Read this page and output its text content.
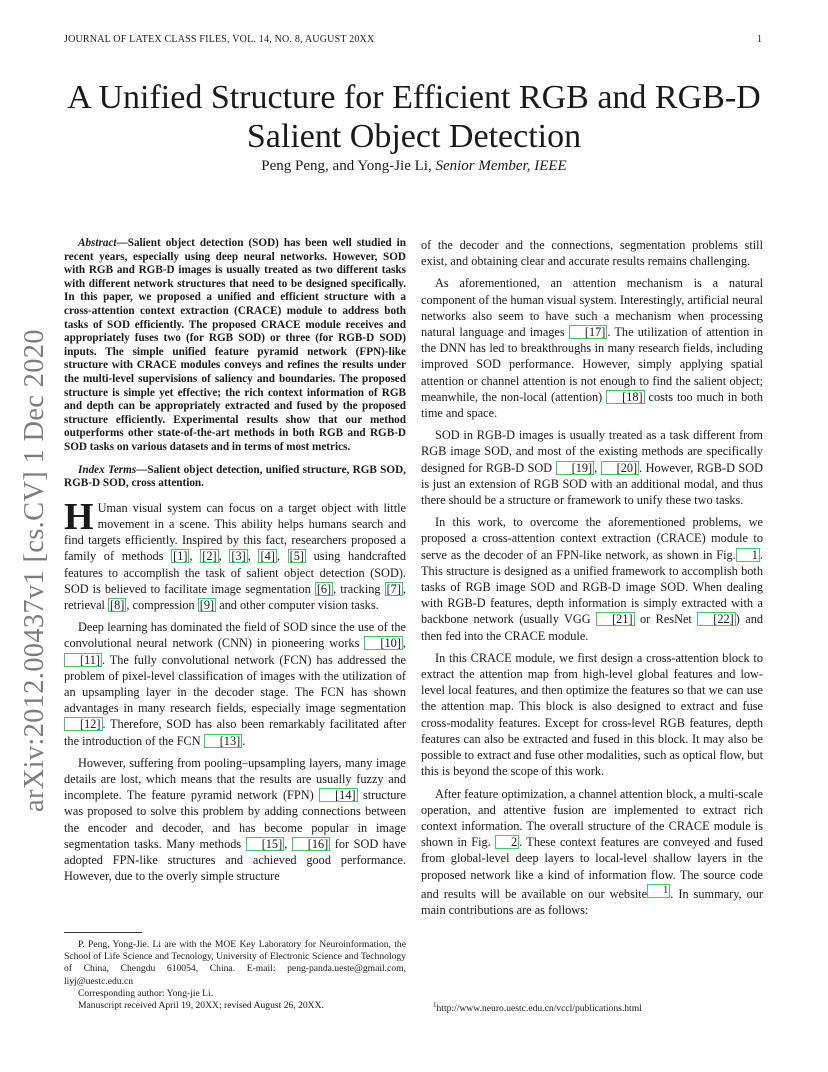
JOURNAL OF LATEX CLASS FILES, VOL. 14, NO. 8, AUGUST 20XX	1
A Unified Structure for Efficient RGB and RGB-D
Salient Object Detection
Peng Peng, and Yong-Jie Li, Senior Member, IEEE
arXiv:2012.00437v1 [cs.CV] 1 Dec 2020
Abstract—Salient object detection (SOD) has been well studied in recent years, especially using deep neural networks. However, SOD with RGB and RGB-D images is usually treated as two different tasks with different network structures that need to be designed specifically. In this paper, we proposed a unified and efficient structure with a cross-attention context extraction (CRACE) module to address both tasks of SOD efficiently. The proposed CRACE module receives and appropriately fuses two (for RGB SOD) or three (for RGB-D SOD) inputs. The simple unified feature pyramid network (FPN)-like structure with CRACE modules conveys and refines the results under the multi-level supervisions of saliency and boundaries. The proposed structure is simple yet effective; the rich context information of RGB and depth can be appropriately extracted and fused by the proposed structure efficiently. Experimental results show that our method outperforms other state-of-the-art methods in both RGB and RGB-D SOD tasks on various datasets and in terms of most metrics.
Index Terms—Salient object detection, unified structure, RGB SOD, RGB-D SOD, cross attention.

H Uman visual system can focus on a target object with little movement in a scene. This ability helps humans search and find targets efficiently. Inspired by this fact, researchers proposed a family of methods [1] , [2] , [3] , [4] , [5] using handcrafted features to accomplish the task of salient object detection (SOD). SOD is believed to facilitate image segmentation [6] , tracking [7] , retrieval [8] , compression [9] and other computer vision tasks.

Deep learning has dominated the field of SOD since the use of the convolutional neural network (CNN) in pioneering works [10] , [11] . The fully convolutional network (FCN) has addressed the problem of pixel-level classification of images with the utilization of an upsampling layer in the decoder stage. The FCN has shown advantages in many research fields, especially image segmentation [12] . Therefore, SOD has also been remarkably facilitated after the introduction of the FCN [13] .

However, suffering from pooling–upsampling layers, many image details are lost, which means that the results are usually fuzzy and incomplete. The feature pyramid network (FPN) [14] structure was proposed to solve this problem by adding connections between the encoder and decoder, and has become popular in image segmentation tasks. Many methods [15] , [16] for SOD have adopted FPN-like structures and achieved good performance. However, due to the overly simple structure

P. Peng, Yong-Jie. Li are with the MOE Key Laboratory for Neuroinformation, the School of Life Science and Tecnology, University of Electronic Science and Technology of China, Chengdu 610054, China. E-mail: peng-panda.ueste@gmail.com, liyj@uestc.edu.cn
Corresponding author: Yong-jie Li.
Manuscript received April 19, 20XX; revised August 26, 20XX.

of the decoder and the connections, segmentation problems still exist, and obtaining clear and accurate results remains challenging.

As aforementioned, an attention mechanism is a natural component of the human visual system. Interestingly, artificial neural networks also seem to have such a mechanism when processing natural language and images [17] . The utilization of attention in the DNN has led to breakthroughs in many research fields, including improved SOD performance. However, simply applying spatial attention or channel attention is not enough to find the salient object; meanwhile, the non-local (attention) [18] costs too much in both time and space.

SOD in RGB-D images is usually treated as a task different from RGB image SOD, and most of the existing methods are specifically designed for RGB-D SOD [19] , [20] . However, RGB-D SOD is just an extension of RGB SOD with an additional modal, and thus there should be a structure or framework to unify these two tasks.

In this work, to overcome the aforementioned problems, we proposed a cross-attention context extraction (CRACE) module to serve as the decoder of an FPN-like network, as shown in Fig. 1 . This structure is designed as a unified framework to accomplish both tasks of RGB image SOD and RGB-D image SOD. When dealing with RGB-D features, depth information is simply extracted with a backbone network (usually VGG [21] or ResNet [22] ) and then fed into the CRACE module.

In this CRACE module, we first design a cross-attention block to extract the attention map from high-level global features and low-level local features, and then optimize the features so that we can use the attention map. This block is also designed to extract and fuse cross-modality features. Except for cross-level RGB features, depth features can also be extracted and fused in this block. It may also be possible to extract and fuse other modalities, such as optical flow, but this is beyond the scope of this work.

After feature optimization, a channel attention block, a multi-scale operation, and attentive fusion are implemented to extract rich context information. The overall structure of the CRACE module is shown in Fig. 2 . These context features are conveyed and fused from global-level deep layers to local-level shallow layers in the proposed network like a kind of information flow. The source code and results will be available on our website $^1$ . In summary, our main contributions are as follows:

$^1$http://www.neuro.uestc.edu.cn/vccl/publications.html
